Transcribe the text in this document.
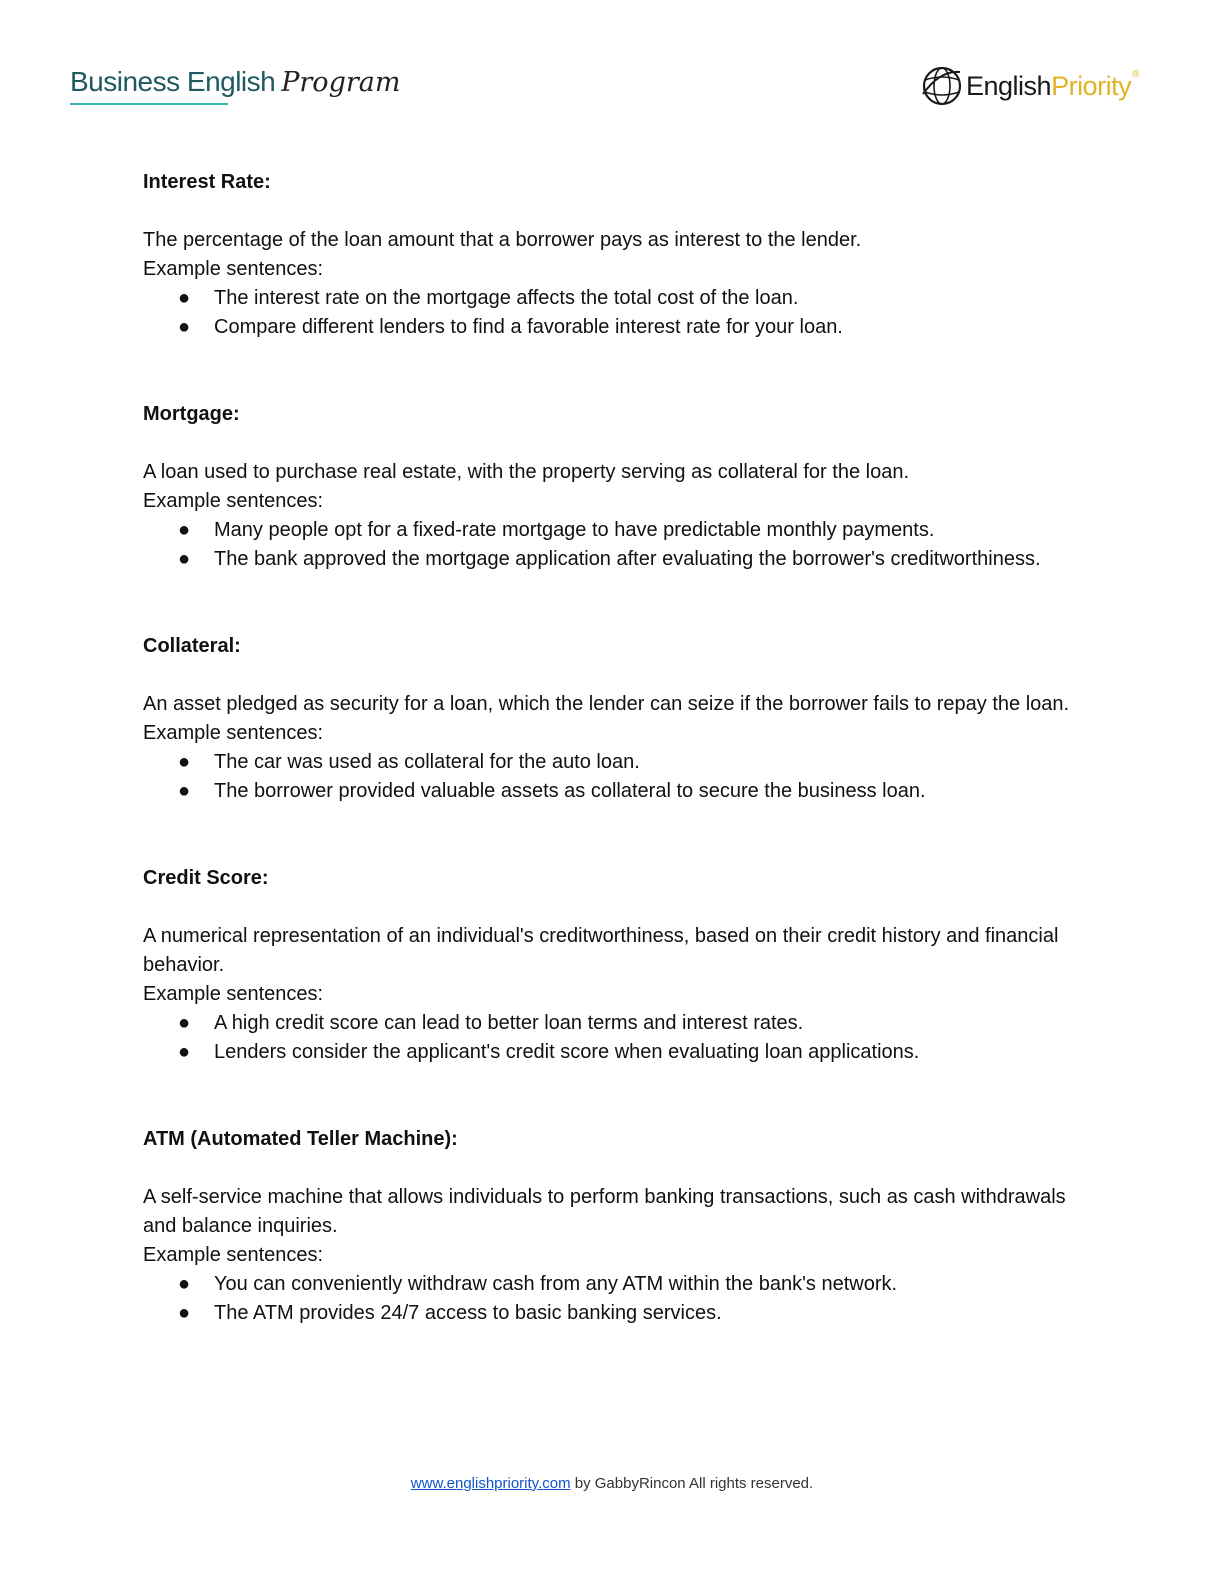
Business English Program	English Priority ®

Interest Rate:

The percentage of the loan amount that a borrower pays as interest to the lender.

Example sentences:

● The interest rate on the mortgage affects the total cost of the loan.
● Compare different lenders to find a favorable interest rate for your loan.

Mortgage:

A loan used to purchase real estate, with the property serving as collateral for the loan.

Example sentences:

● Many people opt for a fixed-rate mortgage to have predictable monthly payments.
● The bank approved the mortgage application after evaluating the borrower's creditworthiness.

Collateral:

An asset pledged as security for a loan, which the lender can seize if the borrower fails to repay the loan.

Example sentences:

● The car was used as collateral for the auto loan.
● The borrower provided valuable assets as collateral to secure the business loan.

Credit Score:

A numerical representation of an individual's creditworthiness, based on their credit history and financial behavior.

Example sentences:

● A high credit score can lead to better loan terms and interest rates.
● Lenders consider the applicant's credit score when evaluating loan applications.

ATM (Automated Teller Machine):

A self-service machine that allows individuals to perform banking transactions, such as cash withdrawals and balance inquiries.

Example sentences:

● You can conveniently withdraw cash from any ATM within the bank's network.
● The ATM provides 24/7 access to basic banking services.
www.englishpriority.com by GabbyRincon All rights reserved.
